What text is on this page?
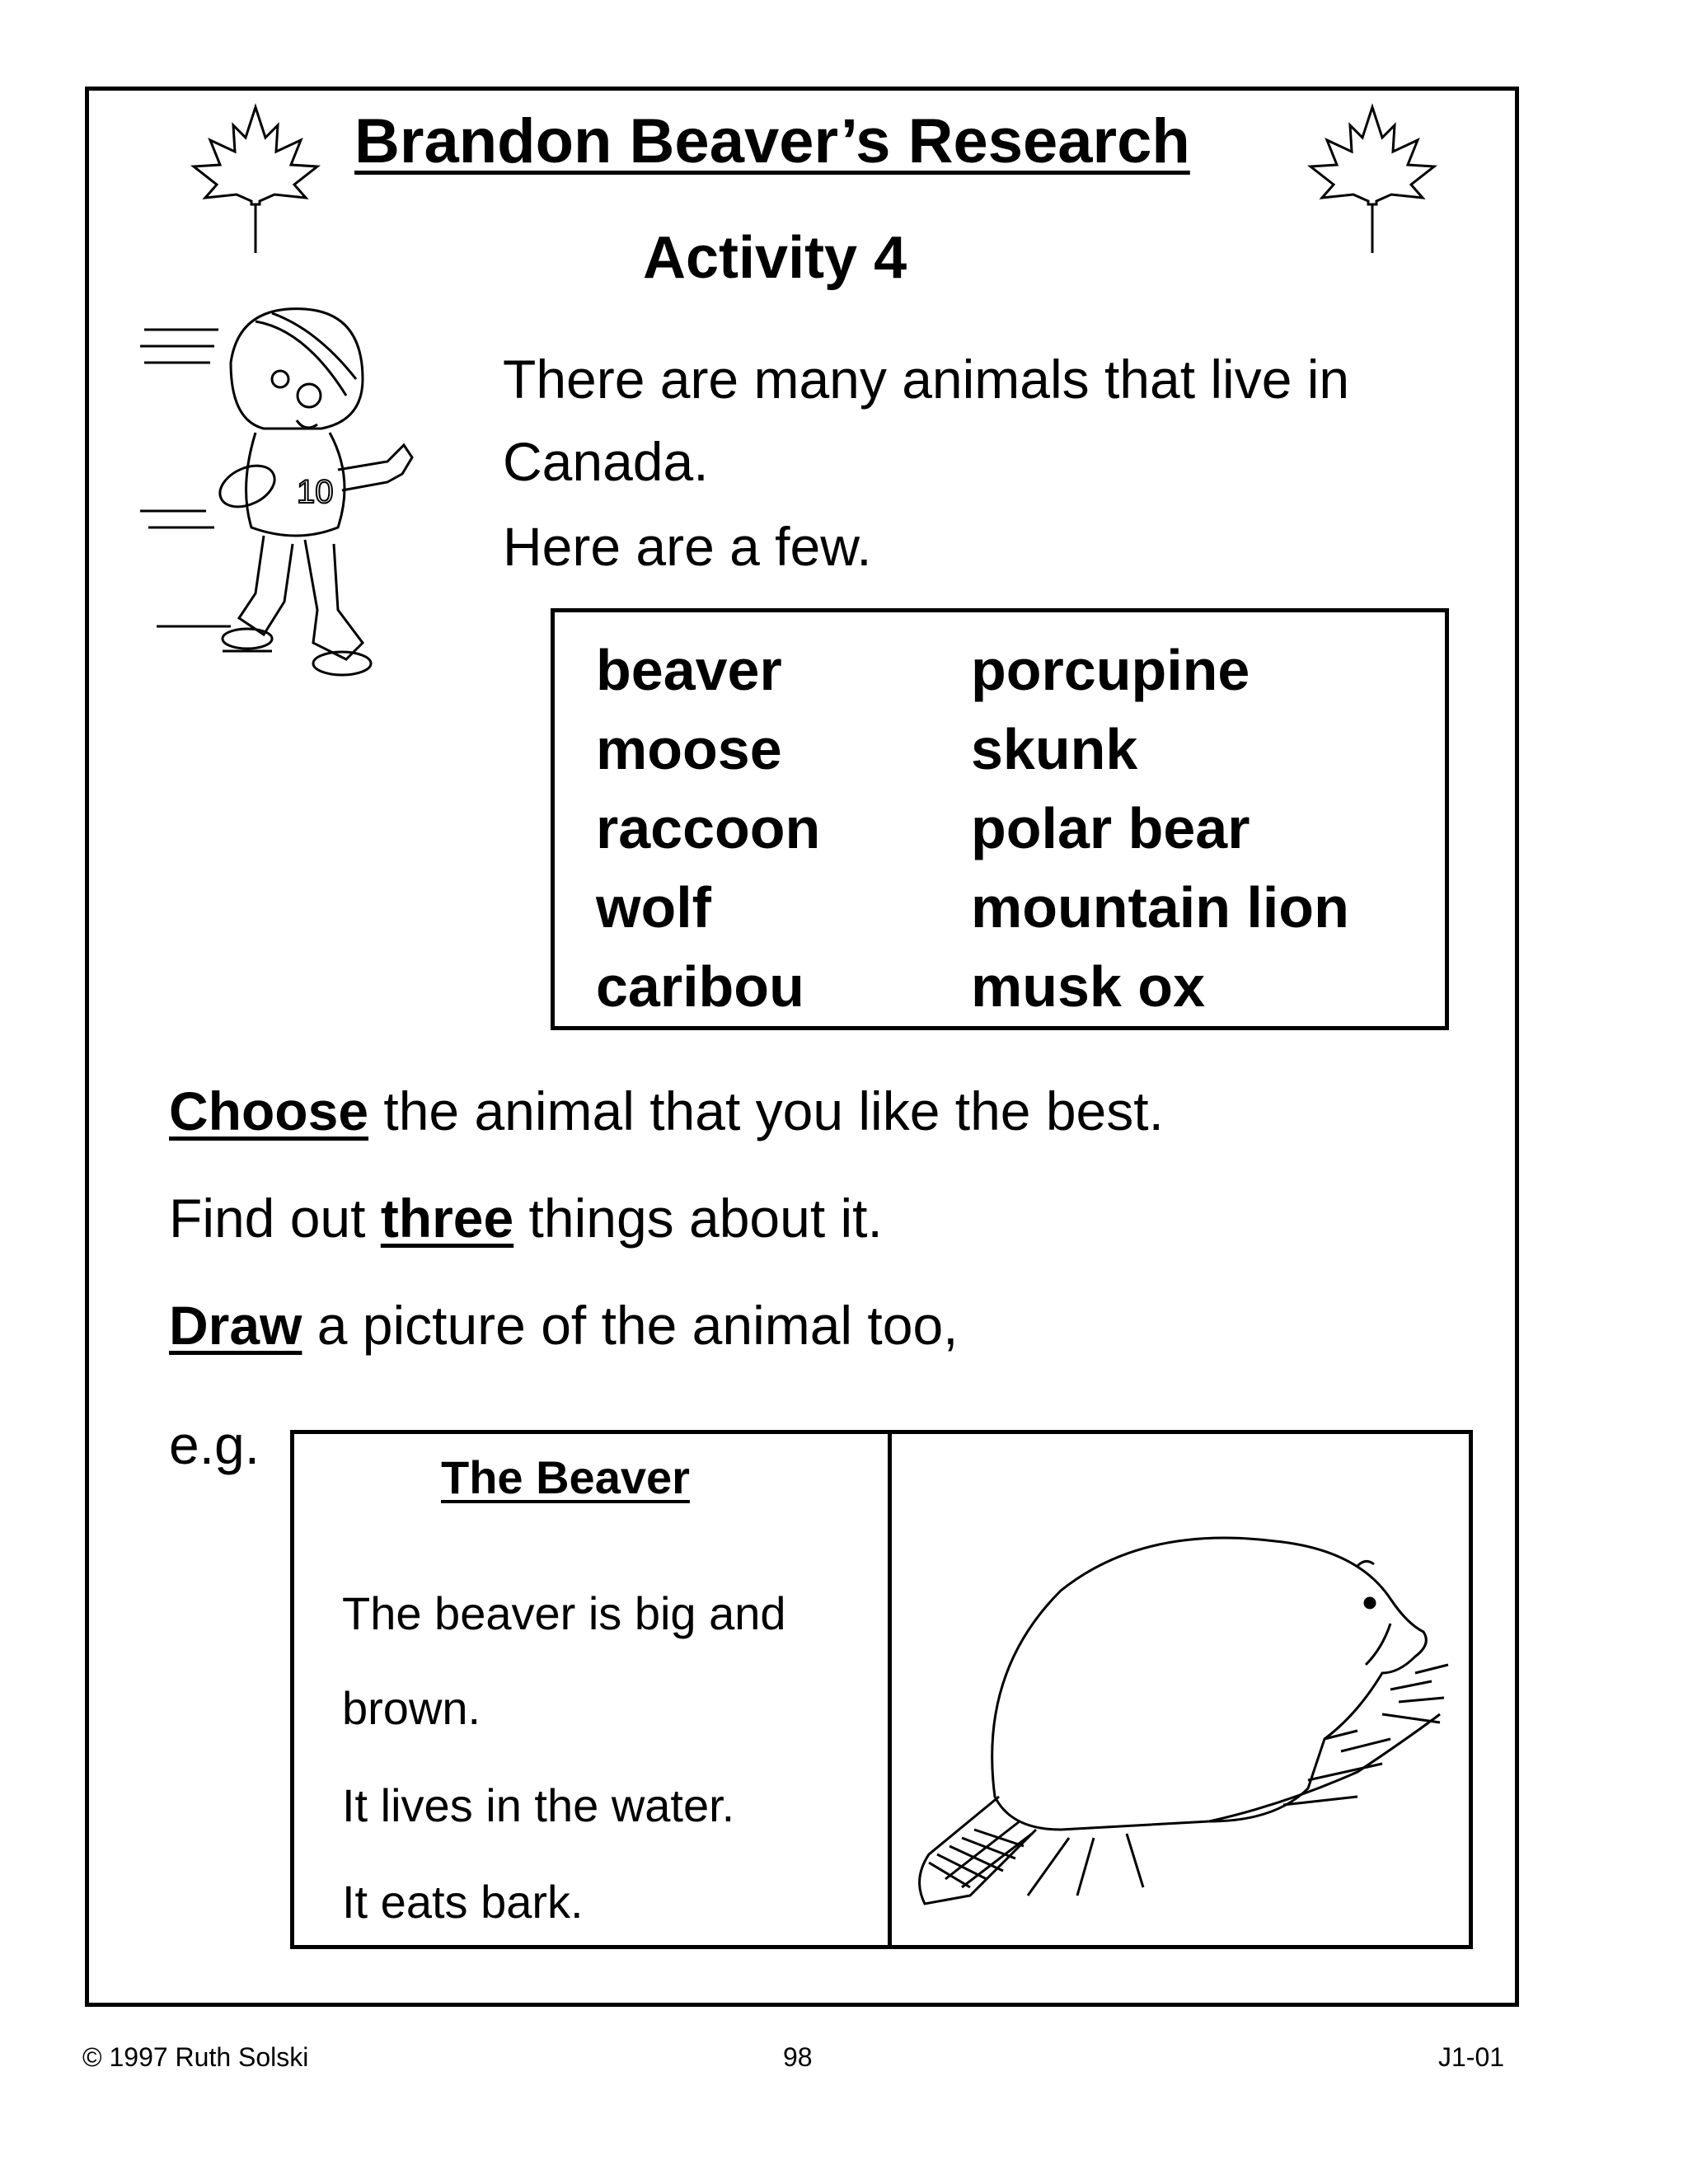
Brandon Beaver’s Research
Activity 4
10
There are many animals that live in Canada.
Here are a few.
beaver
moose
raccoon
wolf
caribou
porcupine
skunk
polar bear
mountain lion
musk ox
Choose the animal that you like the best.
Find out three things about it.
Draw a picture of the animal too,
e.g.
The Beaver
The beaver is big and
brown.
It lives in the water.
It eats bark.
© 1997 Ruth Solski	98	J1-01
